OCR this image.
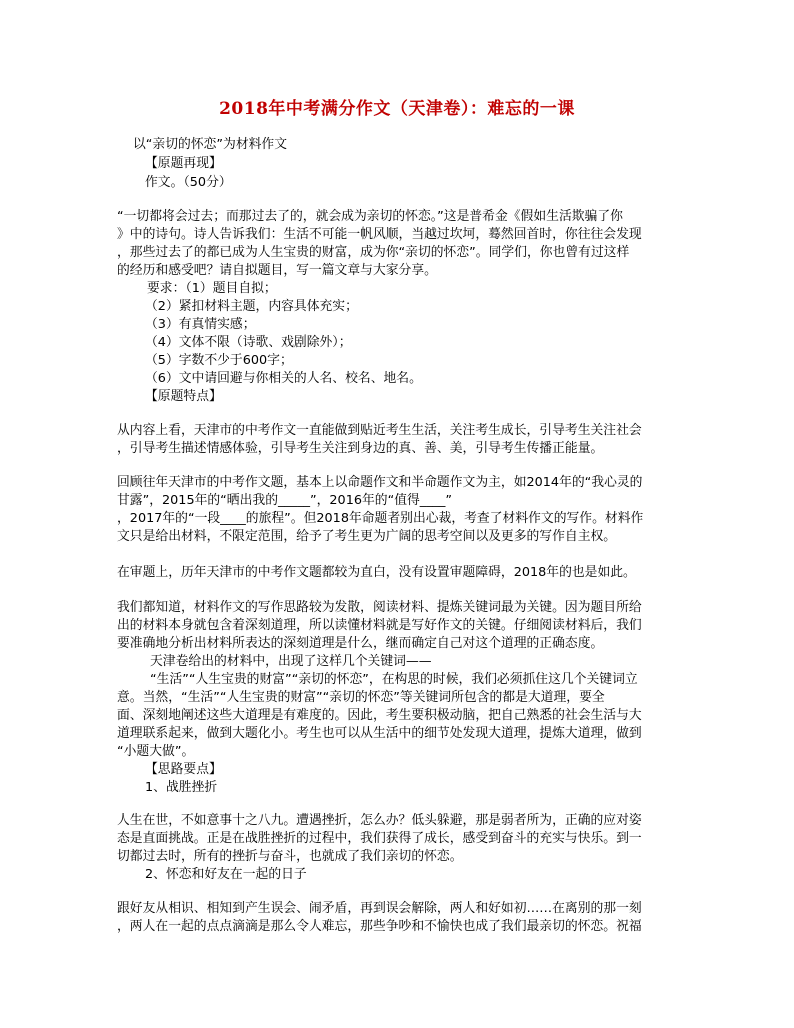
2018年中考满分作文（天津卷）：难忘的一课
以“亲切的怀恋”为材料作文
【原题再现】
作文。（50分）
“一切都将会过去；而那过去了的，就会成为亲切的怀恋。”这是普希金《假如生活欺骗了你
》中的诗句。诗人告诉我们：生活不可能一帆风顺，当越过坎坷，蓦然回首时，你往往会发现
，那些过去了的都已成为人生宝贵的财富，成为你“亲切的怀恋”。同学们，你也曾有过这样
的经历和感受吧？请自拟题目，写一篇文章与大家分享。
要求：（1）题目自拟；
（2）紧扣材料主题，内容具体充实；
（3）有真情实感；
（4）文体不限（诗歌、戏剧除外）；
（5）字数不少于600字；
（6）文中请回避与你相关的人名、校名、地名。
【原题特点】
从内容上看，天津市的中考作文一直能做到贴近考生生活，关注考生成长，引导考生关注社会
，引导考生描述情感体验，引导考生关注到身边的真、善、美，引导考生传播正能量。
回顾往年天津市的中考作文题，基本上以命题作文和半命题作文为主，如2014年的“我心灵的
甘露”，2015年的“晒出我的_____”，2016年的“值得____”
，2017年的“一段____的旅程”。但2018年命题者别出心裁，考查了材料作文的写作。材料作
文只是给出材料，不限定范围，给予了考生更为广阔的思考空间以及更多的写作自主权。
在审题上，历年天津市的中考作文题都较为直白，没有设置审题障碍，2018年的也是如此。
我们都知道，材料作文的写作思路较为发散，阅读材料、提炼关键词最为关键。因为题目所给
出的材料本身就包含着深刻道理，所以读懂材料就是写好作文的关键。仔细阅读材料后，我们
要准确地分析出材料所表达的深刻道理是什么，继而确定自己对这个道理的正确态度。
天津卷给出的材料中，出现了这样几个关键词——
“生活”“人生宝贵的财富”“亲切的怀恋”，在构思的时候，我们必须抓住这几个关键词立
意。当然，“生活”“人生宝贵的财富”“亲切的怀恋”等关键词所包含的都是大道理，要全
面、深刻地阐述这些大道理是有难度的。因此，考生要积极动脑，把自己熟悉的社会生活与大
道理联系起来，做到大题化小。考生也可以从生活中的细节处发现大道理，提炼大道理，做到
“小题大做”。
【思路要点】
1、战胜挫折
人生在世，不如意事十之八九。遭遇挫折，怎么办？低头躲避，那是弱者所为，正确的应对姿
态是直面挑战。正是在战胜挫折的过程中，我们获得了成长，感受到奋斗的充实与快乐。到一
切都过去时，所有的挫折与奋斗，也就成了我们亲切的怀恋。
2、怀恋和好友在一起的日子
跟好友从相识、相知到产生误会、闹矛盾，再到误会解除，两人和好如初……在离别的那一刻
，两人在一起的点点滴滴是那么令人难忘，那些争吵和不愉快也成了我们最亲切的怀恋。祝福
